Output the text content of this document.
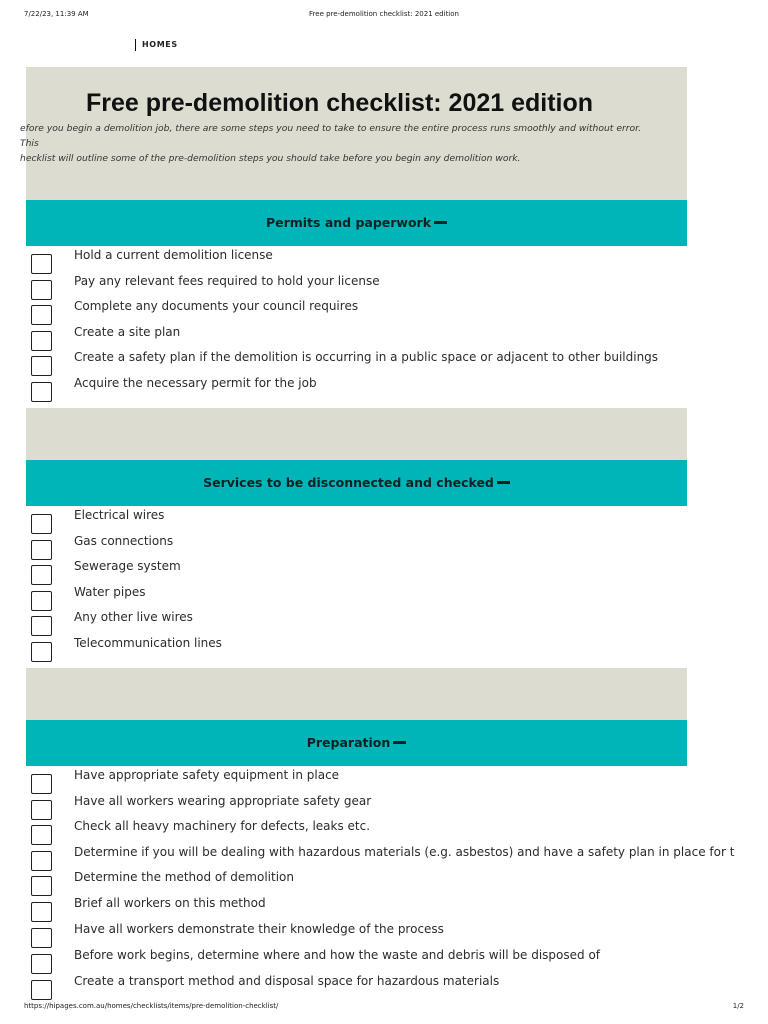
7/22/23, 11:39 AM	Free pre-demolition checklist: 2021 edition
HOMES
Free pre-demolition checklist: 2021 edition

efore you begin a demolition job, there are some steps you need to take to ensure the entire process runs smoothly and without error. This
hecklist will outline some of the pre-demolition steps you should take before you begin any demolition work.

Permits and paperwork
Hold a current demolition license
Pay any relevant fees required to hold your license
Complete any documents your council requires
Create a site plan
Create a safety plan if the demolition is occurring in a public space or adjacent to other buildings
Acquire the necessary permit for the job
Services to be disconnected and checked
Electrical wires
Gas connections
Sewerage system
Water pipes
Any other live wires
Telecommunication lines
Preparation
Have appropriate safety equipment in place
Have all workers wearing appropriate safety gear
Check all heavy machinery for defects, leaks etc.
Determine if you will be dealing with hazardous materials (e.g. asbestos) and have a safety plan in place for t
Determine the method of demolition
Brief all workers on this method
Have all workers demonstrate their knowledge of the process
Before work begins, determine where and how the waste and debris will be disposed of
Create a transport method and disposal space for hazardous materials
https://hipages.com.au/homes/checklists/items/pre-demolition-checklist/	1/2
